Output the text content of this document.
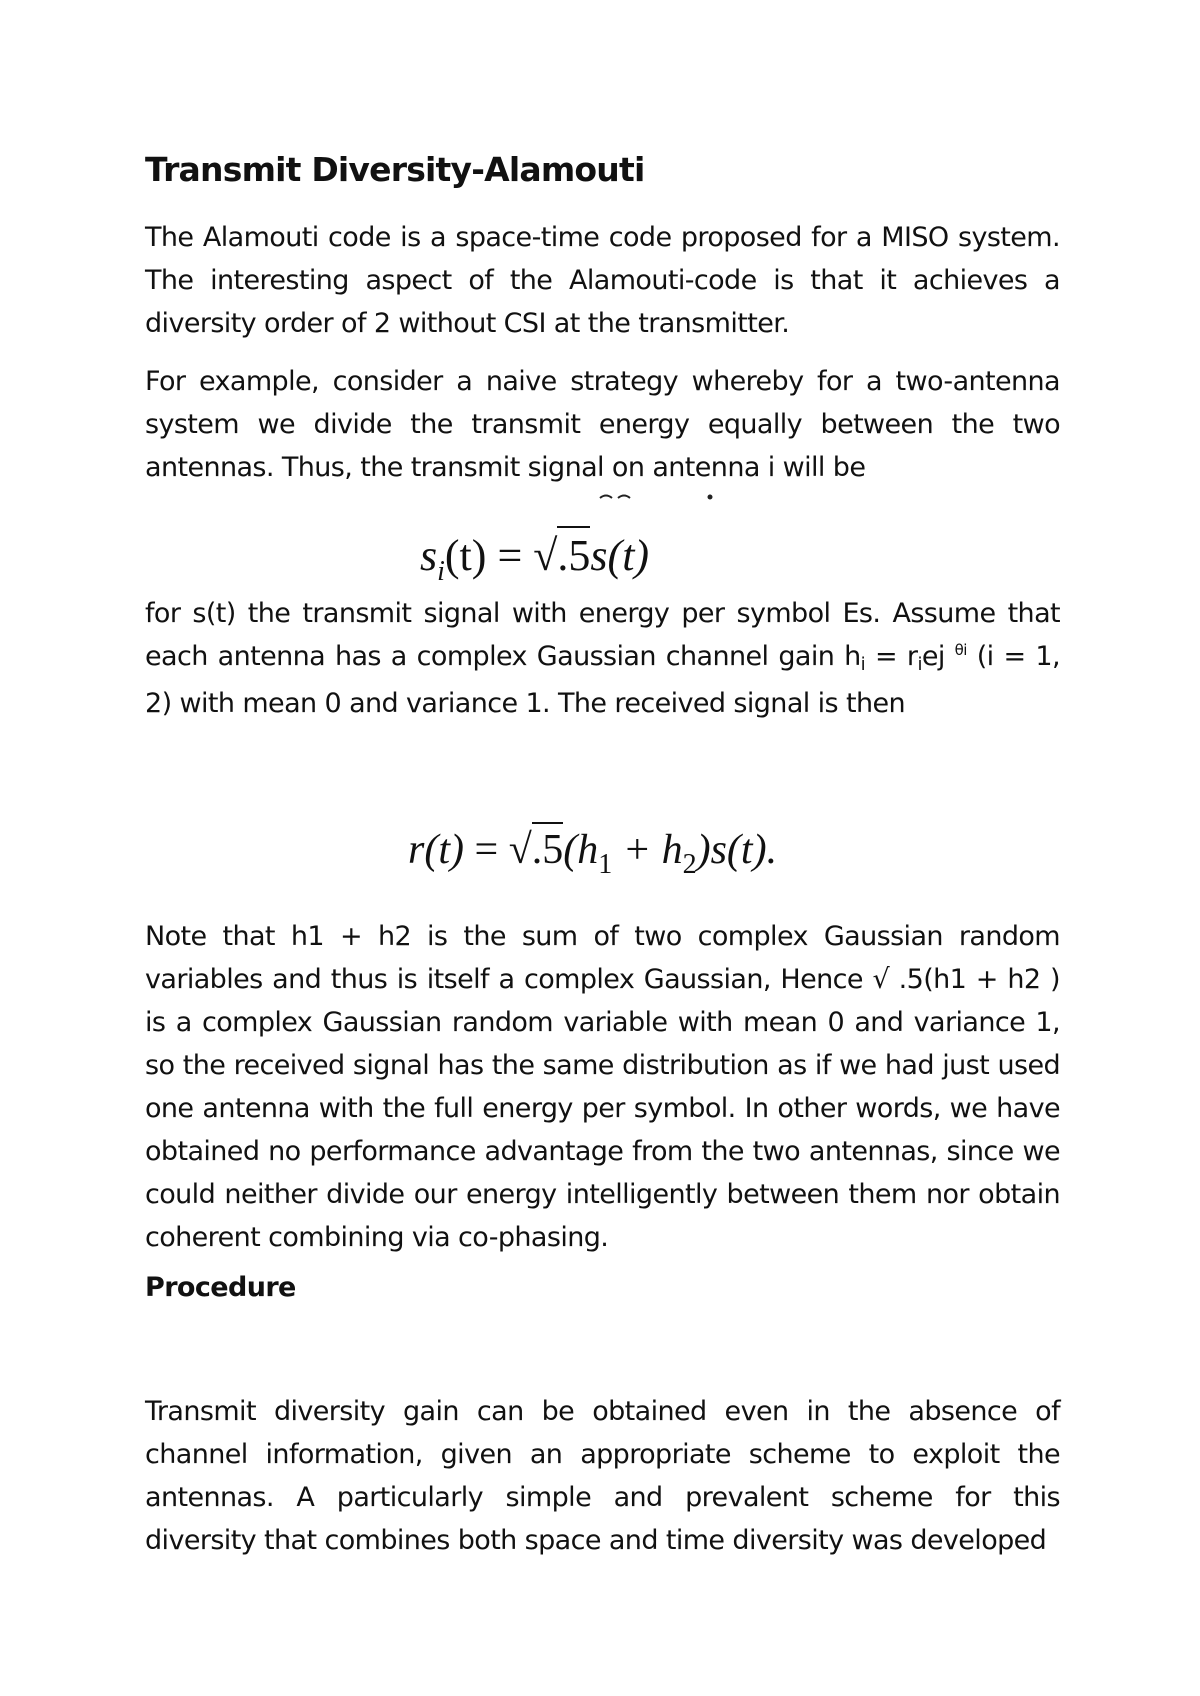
Transmit Diversity-Alamouti

The Alamouti code is a space-time code proposed for a MISO system. The interesting aspect of the Alamouti-code is that it achieves a diversity order of 2 without CSI at the transmitter.

For example, consider a naive strategy whereby for a two-antenna system we divide the transmit energy equally between the two antennas. Thus, the transmit signal on antenna i will be

$s_i(t) = √.5s(t)$

for s(t) the transmit signal with energy per symbol Es. Assume that each antenna has a complex Gaussian channel gain hi = riej $^{\theta i}$ (i = 1, 2) with mean 0 and variance 1. The received signal is then

$r(t) = √.5(h_1 + h_2)s(t)$.

Note that h1 + h2 is the sum of two complex Gaussian random variables and thus is itself a complex Gaussian, Hence √ .5(h1 + h2 ) is a complex Gaussian random variable with mean 0 and variance 1, so the received signal has the same distribution as if we had just used one antenna with the full energy per symbol. In other words, we have obtained no performance advantage from the two antennas, since we could neither divide our energy intelligently between them nor obtain coherent combining via co-phasing.

Procedure

Transmit diversity gain can be obtained even in the absence of channel information, given an appropriate scheme to exploit the antennas. A particularly simple and prevalent scheme for this diversity that combines both space and time diversity was developed
